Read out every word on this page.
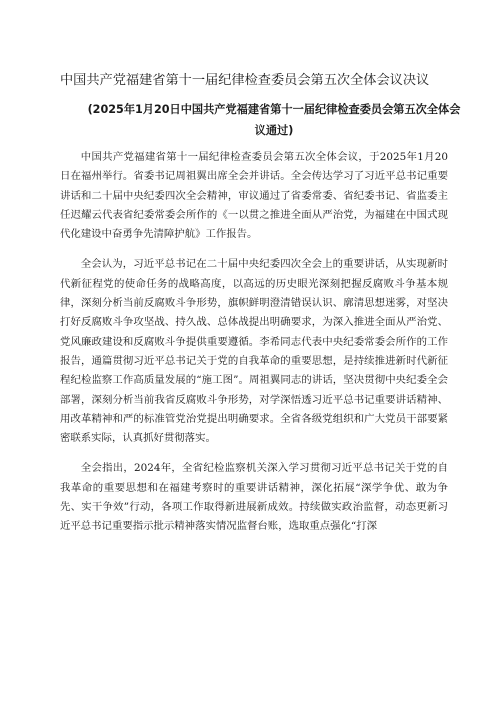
中国共产党福建省第十一届纪律检查委员会第五次全体会议决议
(2025年1月20日中国共产党福建省第十一届纪律检查委员会第五次全体会议通过)

中国共产党福建省第十一届纪律检查委员会第五次全体会议，于2025年1月20日在福州举行。省委书记周祖翼出席全会并讲话。全会传达学习了习近平总书记重要讲话和二十届中央纪委四次全会精神，审议通过了省委常委、省纪委书记、省监委主任迟耀云代表省纪委常委会所作的《一以贯之推进全面从严治党，为福建在中国式现代化建设中奋勇争先清障护航》工作报告。

全会认为，习近平总书记在二十届中央纪委四次全会上的重要讲话，从实现新时代新征程党的使命任务的战略高度，以高远的历史眼光深刻把握反腐败斗争基本规律，深刻分析当前反腐败斗争形势，旗帜鲜明澄清错误认识、廓清思想迷雾，对坚决打好反腐败斗争攻坚战、持久战、总体战提出明确要求，为深入推进全面从严治党、党风廉政建设和反腐败斗争提供重要遵循。李希同志代表中央纪委常委会所作的工作报告，通篇贯彻习近平总书记关于党的自我革命的重要思想，是持续推进新时代新征程纪检监察工作高质量发展的“施工图”。周祖翼同志的讲话，坚决贯彻中央纪委全会部署，深刻分析当前我省反腐败斗争形势，对学深悟透习近平总书记重要讲话精神、用改革精神和严的标准管党治党提出明确要求。全省各级党组织和广大党员干部要紧密联系实际，认真抓好贯彻落实。

全会指出，2024年，全省纪检监察机关深入学习贯彻习近平总书记关于党的自我革命的重要思想和在福建考察时的重要讲话精神，深化拓展“深学争优、敢为争先、实干争效”行动，各项工作取得新进展新成效。持续做实政治监督，动态更新习近平总书记重要指示批示精神落实情况监督台账，选取重点强化“打深
